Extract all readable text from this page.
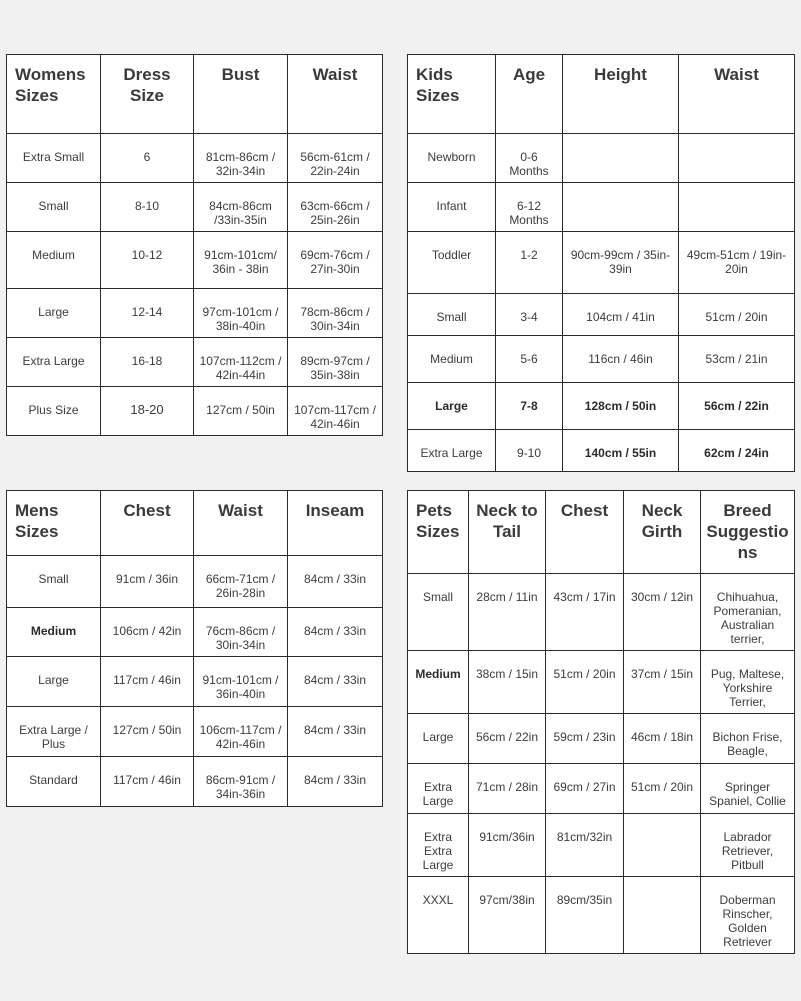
Womens Sizes	Dress Size	Bust	Waist
Extra Small	6	81cm-86cm / 32in-34in	56cm-61cm / 22in-24in
Small	8-10	84cm-86cm /33in-35in	63cm-66cm / 25in-26in
Medium	10-12	91cm-101cm/ 36in - 38in	69cm-76cm / 27in-30in
Large	12-14	97cm-101cm / 38in-40in	78cm-86cm / 30in-34in
Extra Large	16-18	107cm-112cm / 42in-44in	89cm-97cm / 35in-38in
Plus Size	18-20	127cm / 50in	107cm-117cm / 42in-46in
Kids Sizes	Age	Height	Waist
Newborn	0-6 Months		
Infant	6-12 Months		
Toddler	1-2	90cm-99cm / 35in-39in	49cm-51cm / 19in-20in
Small	3-4	104cm / 41in	51cm / 20in
Medium	5-6	116cn / 46in	53cm / 21in
Large	7-8	128cm / 50in	56cm / 22in
Extra Large	9-10	140cm / 55in	62cm / 24in
Mens Sizes	Chest	Waist	Inseam
Small	91cm / 36in	66cm-71cm / 26in-28in	84cm / 33in
Medium	106cm / 42in	76cm-86cm / 30in-34in	84cm / 33in
Large	117cm / 46in	91cm-101cm / 36in-40in	84cm / 33in
Extra Large / Plus	127cm / 50in	106cm-117cm / 42in-46in	84cm / 33in
Standard	117cm / 46in	86cm-91cm / 34in-36in	84cm / 33in
Pets Sizes	Neck to Tail	Chest	Neck Girth	Breed Suggestions
Small	28cm / 11in	43cm / 17in	30cm / 12in	Chihuahua, Pomeranian, Australian terrier,
Medium	38cm / 15in	51cm / 20in	37cm / 15in	Pug, Maltese, Yorkshire Terrier,
Large	56cm / 22in	59cm / 23in	46cm / 18in	Bichon Frise, Beagle,
Extra Large	71cm / 28in	69cm / 27in	51cm / 20in	Springer Spaniel, Collie
Extra Extra Large	91cm/36in	81cm/32in		Labrador Retriever, Pitbull
XXXL	97cm/38in	89cm/35in		Doberman Rinscher, Golden Retriever
